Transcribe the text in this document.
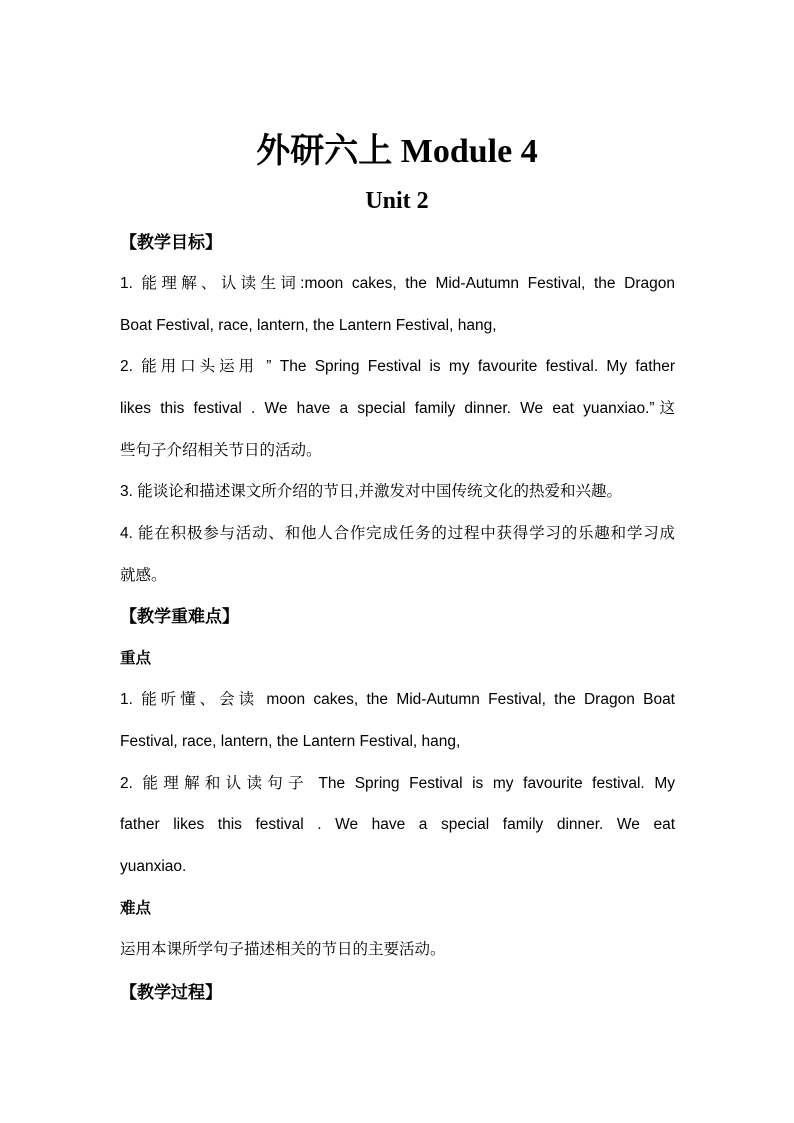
外研六上 Module 4
Unit 2
【教学目标】
1. 能理解、认读生词:moon cakes, the Mid-Autumn Festival, the Dragon
Boat Festival, race, lantern, the Lantern Festival, hang,
2. 能用口头运用 ” The Spring Festival is my favourite festival. My father
likes this festival . We have a special family dinner. We eat yuanxiao.”这
些句子介绍相关节日的活动。
3. 能谈论和描述课文所介绍的节日,并激发对中国传统文化的热爱和兴趣。
4. 能在积极参与活动、和他人合作完成任务的过程中获得学习的乐趣和学习成
就感。
【教学重难点】
重点
1. 能听懂、会读 moon cakes, the Mid-Autumn Festival, the Dragon Boat
Festival, race, lantern, the Lantern Festival, hang,
2. 能理解和认读句子 The Spring Festival is my favourite festival. My
father likes this festival . We have a special family dinner. We eat
yuanxiao.
难点
运用本课所学句子描述相关的节日的主要活动。
【教学过程】
